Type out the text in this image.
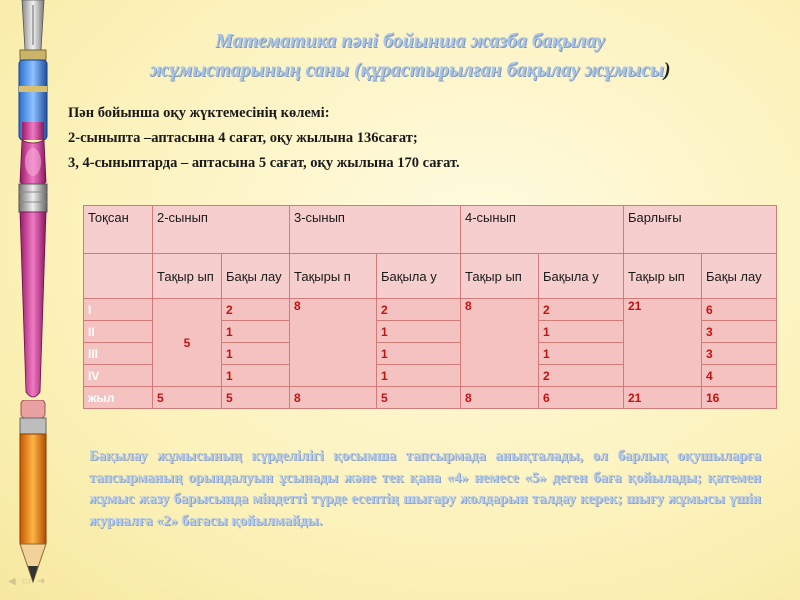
◀ ▭ ➜
Математика пәні бойынша жазба бақылау
жұмыстарының саны (құрастырылған бақылау жұмысы)
Пән бойынша оқу жүктемесінің көлемі:
2-сыныпта –аптасына 4 сағат, оқу жылына 136сағат;
3, 4-сыныптарда – аптасына 5 сағат, оқу жылына 170 сағат.
Тоқсан	2-сынып		3-сынып		4-сынып		Барлығы	
	Тақыр ып	Бақы лау	Тақыры п	Бақыла у	Тақыр ып	Бақыла у	Тақыр ып	Бақы лау
I	5	2	8	2	8	2	21	6
II		1		1		1		3
III		1		1		1		3
IV		1		1		2		4
жыл	5	5	8	5	8	6	21	16
Бақылау жұмысының күрделілігі қосымша тапсырмада анықталады, ол барлық оқушыларға тапсырманың орындалуын ұсынады және тек қана «4» немесе «5» деген баға қойылады; қатемен жұмыс жазу барысында міндетті түрде есептің шығару жолдарын талдау керек; шығу жұмысы үшін журналға «2» бағасы қойылмайды.
